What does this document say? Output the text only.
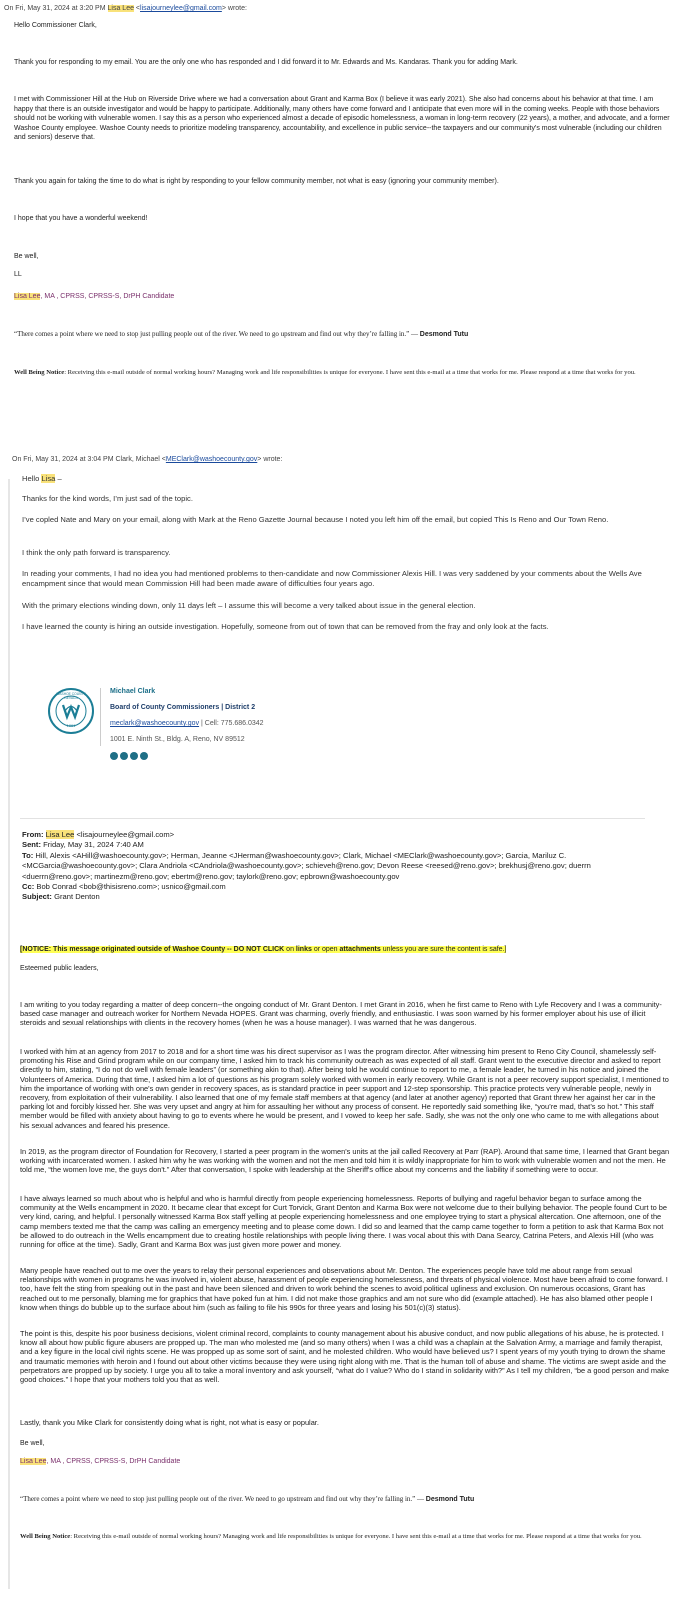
On Fri, May 31, 2024 at 3:20 PM Lisa Lee <lisajourneylee@gmail.com> wrote:

Hello Commissioner Clark,

Thank you for responding to my email. You are the only one who has responded and I did forward it to Mr. Edwards and Ms. Kandaras. Thank you for adding Mark.

I met with Commissioner Hill at the Hub on Riverside Drive where we had a conversation about Grant and Karma Box (I believe it was early 2021). She also had concerns about his behavior at that time. I am happy that there is an outside investigator and would be happy to participate. Additionally, many others have come forward and I anticipate that even more will in the coming weeks. People with those behaviors should not be working with vulnerable women. I say this as a person who experienced almost a decade of episodic homelessness, a woman in long-term recovery (22 years), a mother, and advocate, and a former Washoe County employee. Washoe County needs to prioritize modeling transparency, accountability, and excellence in public service--the taxpayers and our community's most vulnerable (including our children and seniors) deserve that.

Thank you again for taking the time to do what is right by responding to your fellow community member, not what is easy (ignoring your community member).

I hope that you have a wonderful weekend!

Be well,

LL

Lisa Lee, MA , CPRSS, CPRSS-S, DrPH Candidate

“There comes a point where we need to stop just pulling people out of the river. We need to go upstream and find out why they’re falling in.” — Desmond Tutu

Well Being Notice: Receiving this e-mail outside of normal working hours? Managing work and life responsibilities is unique for everyone. I have sent this e-mail at a time that works for me. Please respond at a time that works for you.

On Fri, May 31, 2024 at 3:04 PM Clark, Michael <MEClark@washoecounty.gov> wrote:
Hello Lisa –

Thanks for the kind words, I’m just sad of the topic.

I’ve copled Nate and Mary on your email, along with Mark at the Reno Gazette Journal because I noted you left him off the email, but copied This Is Reno and Our Town Reno.

I think the only path forward is transparency.

In reading your comments, I had no idea you had mentioned problems to then-candidate and now Commissioner Alexis Hill. I was very saddened by your comments about the Wells Ave encampment since that would mean Commission Hill had been made aware of difficulties four years ago.

With the primary elections winding down, only 11 days left – I assume this will become a very talked about issue in the general election.

I have learned the county is hiring an outside investigation. Hopefully, someone from out of town that can be removed from the fray and only look at the facts.

WASHOE COUNTY NEVADA
1861
Michael Clark
Board of County Commissioners | District 2
meclark@washoecounty.gov | Cell: 775.686.0342
1001 E. Ninth St., Bldg. A, Reno, NV 89512
From: Lisa Lee <lisajourneylee@gmail.com>
Sent: Friday, May 31, 2024 7:40 AM
To: Hill, Alexis <AHill@washoecounty.gov>; Herman, Jeanne <JHerman@washoecounty.gov>; Clark, Michael <MEClark@washoecounty.gov>; Garcia, Mariluz C. <MCGarcia@washoecounty.gov>; Clara Andriola <CAndriola@washoecounty.gov>; schieveh@reno.gov; Devon Reese <reesed@reno.gov>; brekhusj@reno.gov; duerrn <duerrn@reno.gov>; martinezm@reno.gov; ebertm@reno.gov; taylork@reno.gov; epbrown@washoecounty.gov
Cc: Bob Conrad <bob@thisisreno.com>; usnico@gmail.com
Subject: Grant Denton
[NOTICE: This message originated outside of Washoe County -- DO NOT CLICK on links or open attachments unless you are sure the content is safe.]

Esteemed public leaders,

I am writing to you today regarding a matter of deep concern--the ongoing conduct of Mr. Grant Denton. I met Grant in 2016, when he first came to Reno with Lyfe Recovery and I was a community-based case manager and outreach worker for Northern Nevada HOPES. Grant was charming, overly friendly, and enthusiastic. I was soon warned by his former employer about his use of illicit steroids and sexual relationships with clients in the recovery homes (when he was a house manager). I was warned that he was dangerous.

I worked with him at an agency from 2017 to 2018 and for a short time was his direct supervisor as I was the program director. After witnessing him present to Reno City Council, shamelessly self-promoting his Rise and Grind program while on our company time, I asked him to track his community outreach as was expected of all staff. Grant went to the executive director and asked to report directly to him, stating, “I do not do well with female leaders” (or something akin to that). After being told he would continue to report to me, a female leader, he turned in his notice and joined the Volunteers of America. During that time, I asked him a lot of questions as his program solely worked with women in early recovery. While Grant is not a peer recovery support specialist, I mentioned to him the importance of working with one's own gender in recovery spaces, as is standard practice in peer support and 12-step sponsorship. This practice protects very vulnerable people, newly in recovery, from exploitation of their vulnerability. I also learned that one of my female staff members at that agency (and later at another agency) reported that Grant threw her against her car in the parking lot and forcibly kissed her. She was very upset and angry at him for assaulting her without any process of consent. He reportedly said something like, “you’re mad, that’s so hot.” This staff member would be filled with anxiety about having to go to events where he would be present, and I vowed to keep her safe. Sadly, she was not the only one who came to me with allegations about his sexual advances and feared his presence.

In 2019, as the program director of Foundation for Recovery, I started a peer program in the women's units at the jail called Recovery at Parr (RAP). Around that same time, I learned that Grant began working with incarcerated women. I asked him why he was working with the women and not the men and told him it is wildly inappropriate for him to work with vulnerable women and not the men. He told me, “the women love me, the guys don't.” After that conversation, I spoke with leadership at the Sheriff's office about my concerns and the liability if something were to occur.

I have always learned so much about who is helpful and who is harmful directly from people experiencing homelessness. Reports of bullying and rageful behavior began to surface among the community at the Wells encampment in 2020. It became clear that except for Curt Torvick, Grant Denton and Karma Box were not welcome due to their bullying behavior. The people found Curt to be very kind, caring, and helpful. I personally witnessed Karma Box staff yelling at people experiencing homelessness and one employee trying to start a physical altercation. One afternoon, one of the camp members texted me that the camp was calling an emergency meeting and to please come down. I did so and learned that the camp came together to form a petition to ask that Karma Box not be allowed to do outreach in the Wells encampment due to creating hostile relationships with people living there. I was vocal about this with Dana Searcy, Catrina Peters, and Alexis Hill (who was running for office at the time). Sadly, Grant and Karma Box was just given more power and money.

Many people have reached out to me over the years to relay their personal experiences and observations about Mr. Denton. The experiences people have told me about range from sexual relationships with women in programs he was involved in, violent abuse, harassment of people experiencing homelessness, and threats of physical violence. Most have been afraid to come forward. I too, have felt the sting from speaking out in the past and have been silenced and driven to work behind the scenes to avoid political ugliness and exclusion. On numerous occasions, Grant has reached out to me personally, blaming me for graphics that have poked fun at him. I did not make those graphics and am not sure who did (example attached). He has also blamed other people I know when things do bubble up to the surface about him (such as failing to file his 990s for three years and losing his 501(c)(3) status).

The point is this, despite his poor business decisions, violent criminal record, complaints to county management about his abusive conduct, and now public allegations of his abuse, he is protected. I know all about how public figure abusers are propped up. The man who molested me (and so many others) when I was a child was a chaplain at the Salvation Army, a marriage and family therapist, and a key figure in the local civil rights scene. He was propped up as some sort of saint, and he molested children. Who would have believed us? I spent years of my youth trying to drown the shame and traumatic memories with heroin and I found out about other victims because they were using right along with me. That is the human toll of abuse and shame. The victims are swept aside and the perpetrators are propped up by society. I urge you all to take a moral inventory and ask yourself, “what do I value? Who do I stand in solidarity with?” As I tell my children, “be a good person and make good choices.” I hope that your mothers told you that as well.

Lastly, thank you Mike Clark for consistently doing what is right, not what is easy or popular.

Be well,

Lisa Lee, MA , CPRSS, CPRSS-S, DrPH Candidate

“There comes a point where we need to stop just pulling people out of the river. We need to go upstream and find out why they’re falling in.” — Desmond Tutu

Well Being Notice: Receiving this e-mail outside of normal working hours? Managing work and life responsibilities is unique for everyone. I have sent this e-mail at a time that works for me. Please respond at a time that works for you.
